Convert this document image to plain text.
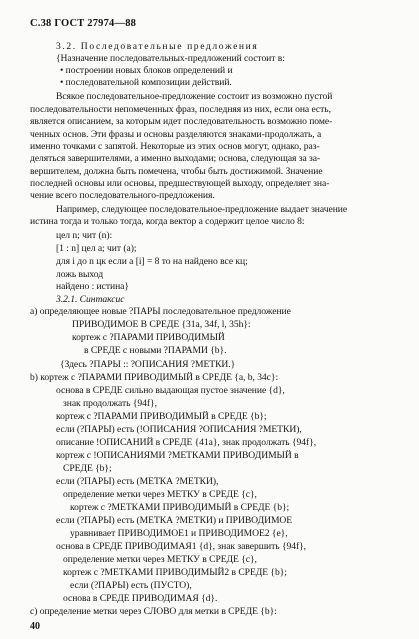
С.38 ГОСТ 27974—88
3.2. Последовательные предложения
{Назначение последовательных-предложений состоит в:
• построении новых блоков определений и
• последовательной композиции действий.
Всякое последовательное-предложение состоит из возможно пустой
последовательности непомеченных фраз, последняя из них, если она есть,
является описанием, за которым идет последовательность возможно поме-
ченных основ. Эти фразы и основы разделяются знаками-продолжать, а
именно точками с запятой. Некоторые из этих основ могут, однако, раз-
деляться завершителями, а именно выходами; основа, следующая за за-
вершителем, должна быть помечена, чтобы быть достижимой. Значение
последней основы или основы, предшествующей выходу, определяет зна-
чение всего последовательного-предложения.
Например, следующее последовательное-предложение выдает значение
истина тогда и только тогда, когда вектор a содержит целое число 8:
цел n; чит (n):
[1 : n] цел a; чит (a);
для i до n цк если a [i] = 8 то на найдено все кц;
ложь выход
найдено : истина}
3.2.1. Синтаксис
a) определяющее новые ?ПАРЫ последовательное предложение
ПРИВОДИМОЕ В СРЕДЕ {31a, 34f, l, 35h}:
кортеж с ?ПАРАМИ ПРИВОДИМЫЙ
в СРЕДЕ с новыми ?ПАРАМИ {b}.
{Здесь ?ПАРЫ :: ?ОПИСАНИЯ ?МЕТКИ.}
b) кортеж с ?ПАРАМИ ПРИВОДИМЫЙ в СРЕДЕ {a, b, 34c}:
основа в СРЕДЕ сильно выдающая пустое значение {d},
знак продолжать {94f},
кортеж с ?ПАРАМИ ПРИВОДИМЫЙ в СРЕДЕ {b};
если (?ПАРЫ) есть (!ОПИСАНИЯ ?ОПИСАНИЯ ?МЕТКИ),
описание !ОПИСАНИЙ в СРЕДЕ {41a}, знак продолжать {94f},
кортеж с !ОПИСАНИЯМИ ?МЕТКАМИ ПРИВОДИМЫЙ в
СРЕДЕ {b};
если (?ПАРЫ) есть (МЕТКА ?МЕТКИ),
определение метки через МЕТКУ в СРЕДЕ {c},
кортеж с ?МЕТКАМИ ПРИВОДИМЫЙ в СРЕДЕ {b};
если (?ПАРЫ) есть (МЕТКА ?МЕТКИ) и ПРИВОДИМОЕ
уравнивает ПРИВОДИМОЕ1 и ПРИВОДИМОЕ2 {e},
основа в СРЕДЕ ПРИВОДИМАЯ1 {d}, знак завершить {94f},
определение метки через МЕТКУ в СРЕДЕ {c},
кортеж с ?МЕТКАМИ ПРИВОДИМЫЙ2 в СРЕДЕ {b};
если (?ПАРЫ) есть (ПУСТО),
основа в СРЕДЕ ПРИВОДИМАЯ {d}.
c) определение метки через СЛОВО для метки в СРЕДЕ {b}:
40
